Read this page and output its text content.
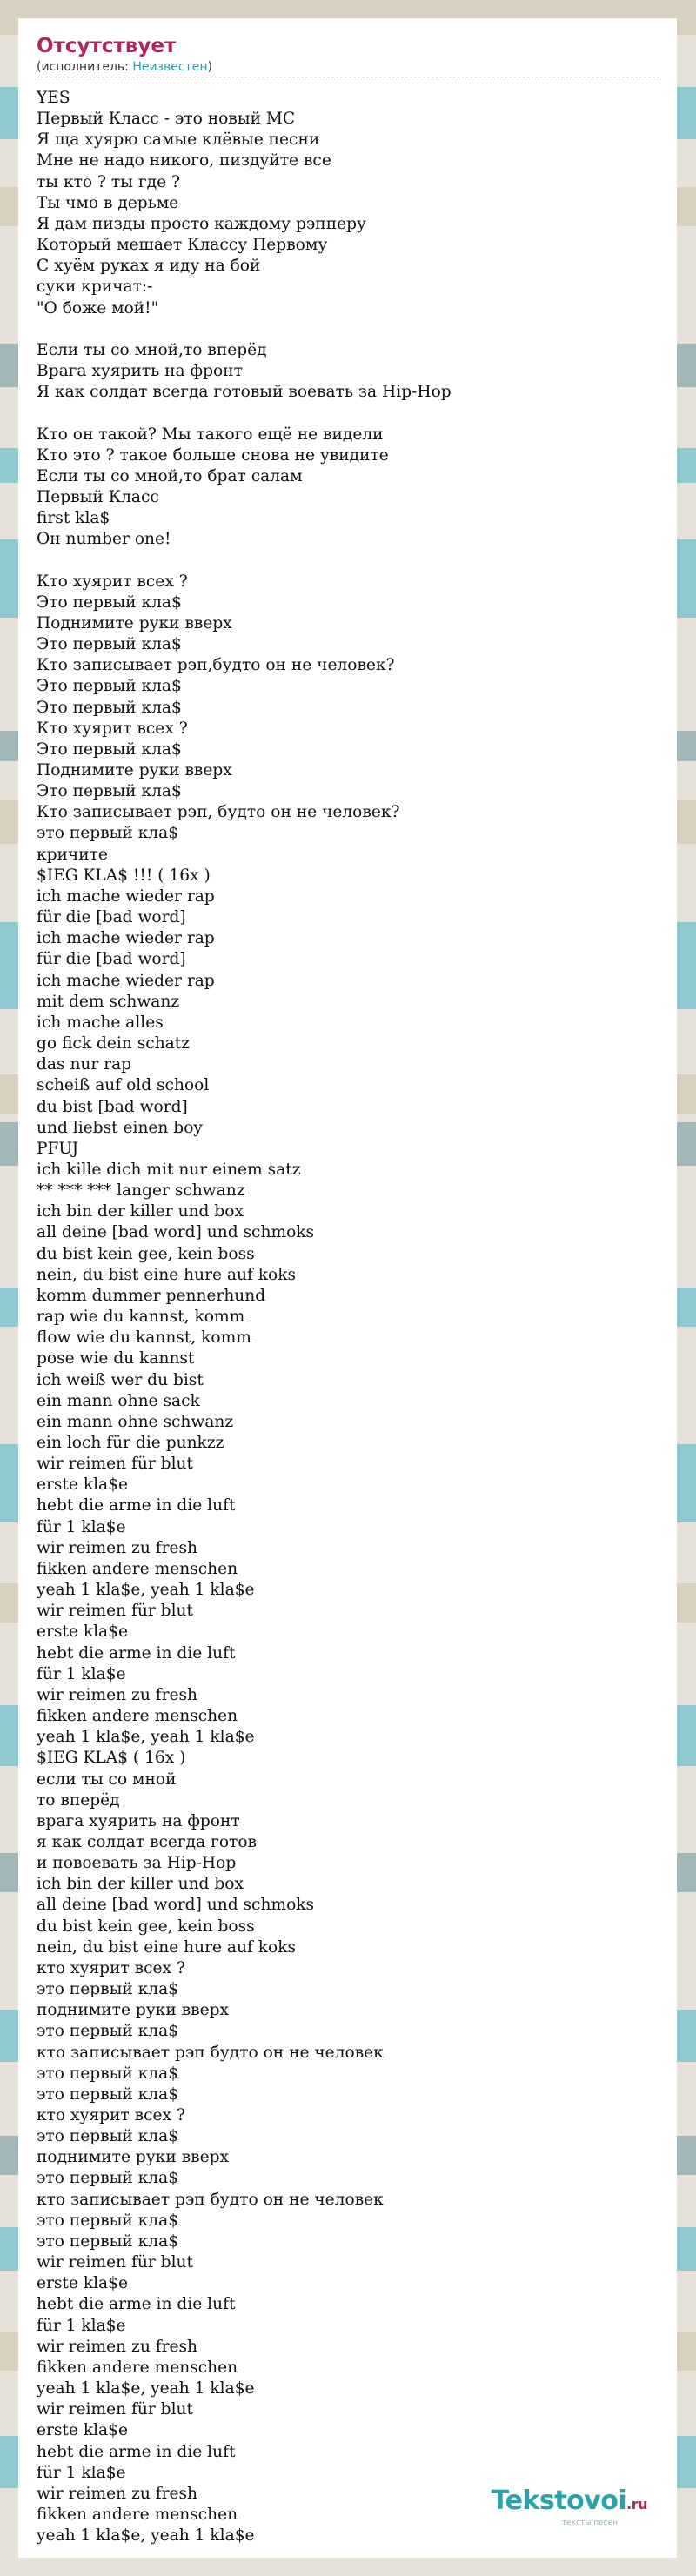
Отсутствует
(исполнитель: Неизвестен)
YES
Первый Класс - это новый МС
Я ща хуярю самые клёвые песни
Мне не надо никого, пиздуйте все
ты кто ? ты где ?
Ты чмо в дерьме
Я дам пизды просто каждому рэпперу
Который мешает Классу Первому
С хуём руках я иду на бой
суки кричат:-
"О боже мой!"
Если ты со мной,то вперёд
Врага хуярить на фронт
Я как солдат всегда готовый воевать за Hip-Hop
Кто он такой? Мы такого ещё не видели
Кто это ? такое больше снова не увидите
Если ты со мной,то брат салам
Первый Класс
first kla$
Он number one!
Кто хуярит всех ?
Это первый кла$
Поднимите руки вверх
Это первый кла$
Кто записывает рэп,будто он не человек?
Это первый кла$
Это первый кла$
Кто хуярит всех ?
Это первый кла$
Поднимите руки вверх
Это первый кла$
Кто записывает рэп, будто он не человек?
это первый кла$
кричите
$IEG KLA$ !!! ( 16x )
ich mache wieder rap
für die [bad word]
ich mache wieder rap
für die [bad word]
ich mache wieder rap
mit dem schwanz
ich mache alles
go fick dein schatz
das nur rap
scheiß auf old school
du bist [bad word]
und liebst einen boy
PFUJ
ich kille dich mit nur einem satz
** *** *** langer schwanz
ich bin der killer und box
all deine [bad word] und schmoks
du bist kein gee, kein boss
nein, du bist eine hure auf koks
komm dummer pennerhund
rap wie du kannst, komm
flow wie du kannst, komm
pose wie du kannst
ich weiß wer du bist
ein mann ohne sack
ein mann ohne schwanz
ein loch für die punkzz
wir reimen für blut
erste kla$e
hebt die arme in die luft
für 1 kla$e
wir reimen zu fresh
fikken andere menschen
yeah 1 kla$e, yeah 1 kla$e
wir reimen für blut
erste kla$e
hebt die arme in die luft
für 1 kla$e
wir reimen zu fresh
fikken andere menschen
yeah 1 kla$e, yeah 1 kla$e
$IEG KLA$ ( 16x )
если ты со мной
то вперёд
врага хуярить на фронт
я как солдат всегда готов
и повоевать за Hip-Hop
ich bin der killer und box
all deine [bad word] und schmoks
du bist kein gee, kein boss
nein, du bist eine hure auf koks
кто хуярит всех ?
это первый кла$
поднимите руки вверх
это первый кла$
кто записывает рэп будто он не человек
это первый кла$
это первый кла$
кто хуярит всех ?
это первый кла$
поднимите руки вверх
это первый кла$
кто записывает рэп будто он не человек
это первый кла$
это первый кла$
wir reimen für blut
erste kla$e
hebt die arme in die luft
für 1 kla$e
wir reimen zu fresh
fikken andere menschen
yeah 1 kla$e, yeah 1 kla$e
wir reimen für blut
erste kla$e
hebt die arme in die luft
für 1 kla$e
wir reimen zu fresh
fikken andere menschen
yeah 1 kla$e, yeah 1 kla$e
Tekstovoi.ru
тексты песен
